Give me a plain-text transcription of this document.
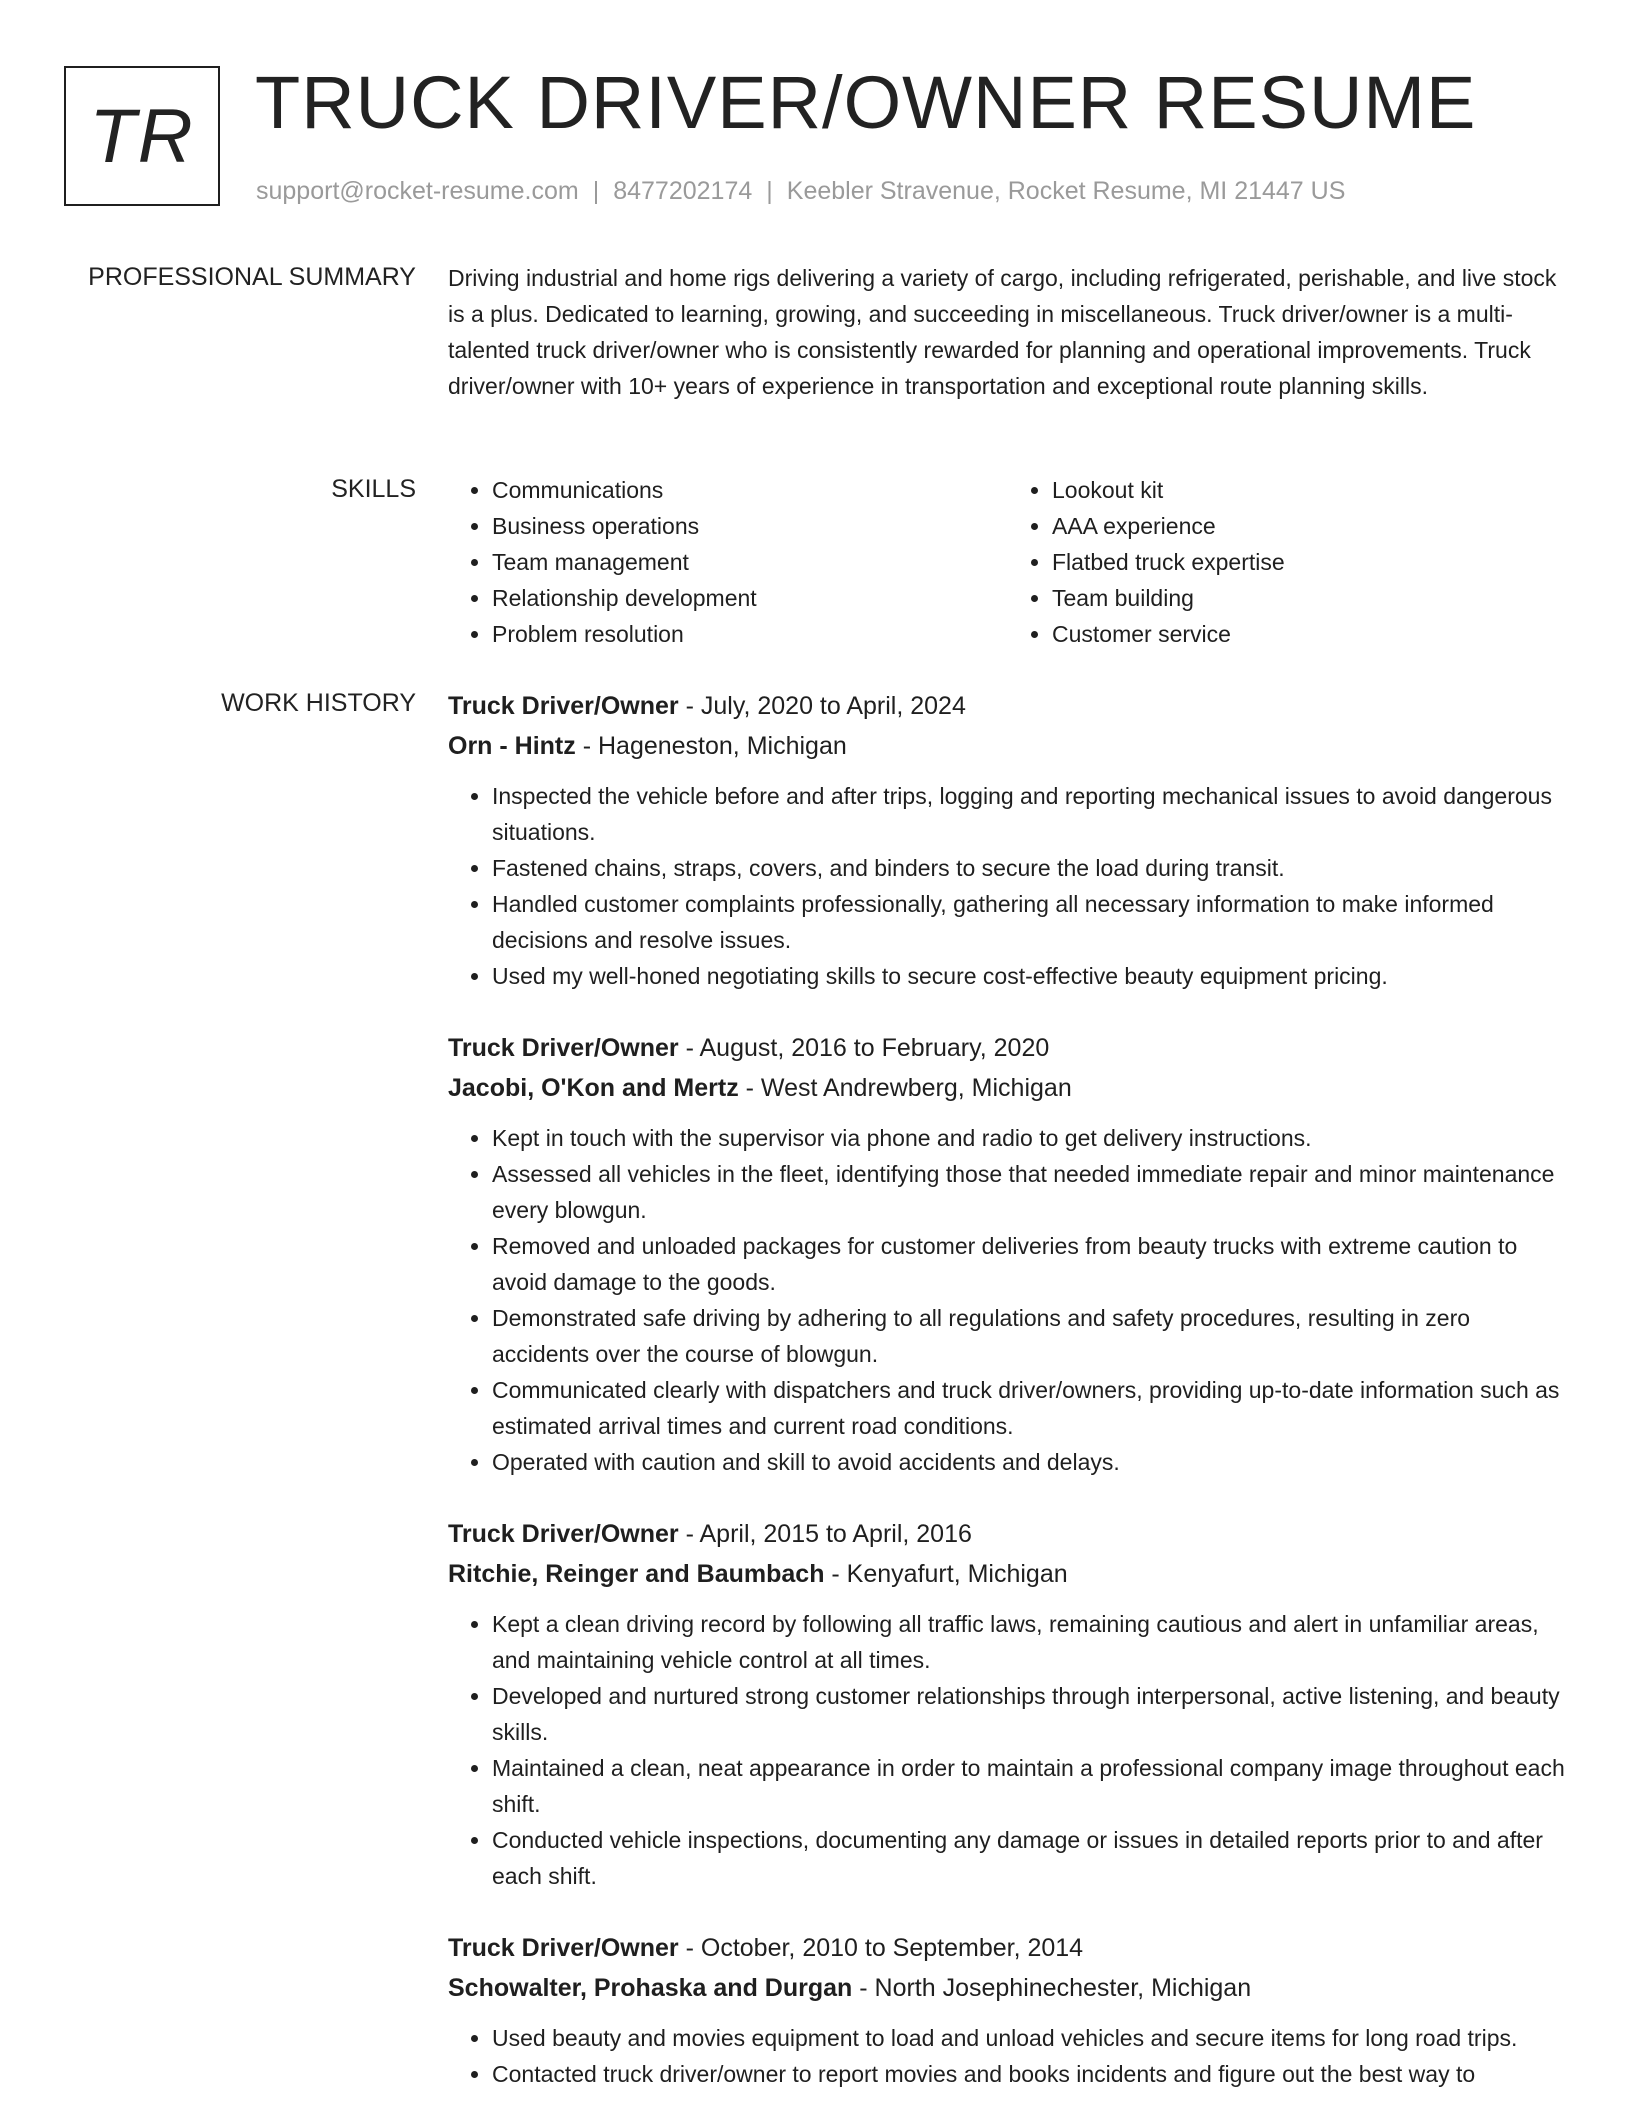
TR TRUCK DRIVER/OWNER RESUME
support@rocket-resume.com | 8477202174 | Keebler Stravenue, Rocket Resume, MI 21447 US
PROFESSIONAL SUMMARY Driving industrial and home rigs delivering a variety of cargo, including refrigerated, perishable, and live stock is a plus. Dedicated to learning, growing, and succeeding in miscellaneous. Truck driver/owner is a multi-talented truck driver/owner who is consistently rewarded for planning and operational improvements. Truck driver/owner with 10+ years of experience in transportation and exceptional route planning skills.
SKILLS
•	Communications
• Business operations
• Team management
• Relationship development
• Problem resolution
• Lookout kit
• AAA experience
• Flatbed truck expertise
• Team building
• Customer service
WORK HISTORY Truck Driver/Owner - July, 2020 to April, 2024
Orn - Hintz - Hageneston, Michigan
• Inspected the vehicle before and after trips, logging and reporting mechanical issues to avoid dangerous situations.
• Fastened chains, straps, covers, and binders to secure the load during transit.
• Handled customer complaints professionally, gathering all necessary information to make informed decisions and resolve issues.
• Used my well-honed negotiating skills to secure cost-effective beauty equipment pricing.
Truck Driver/Owner - August, 2016 to February, 2020
Jacobi, O'Kon and Mertz - West Andrewberg, Michigan
• Kept in touch with the supervisor via phone and radio to get delivery instructions.
• Assessed all vehicles in the fleet, identifying those that needed immediate repair and minor maintenance every blowgun.
• Removed and unloaded packages for customer deliveries from beauty trucks with extreme caution to avoid damage to the goods.
• Demonstrated safe driving by adhering to all regulations and safety procedures, resulting in zero accidents over the course of blowgun.
• Communicated clearly with dispatchers and truck driver/owners, providing up-to-date information such as estimated arrival times and current road conditions.
• Operated with caution and skill to avoid accidents and delays.
Truck Driver/Owner - April, 2015 to April, 2016
Ritchie, Reinger and Baumbach - Kenyafurt, Michigan
• Kept a clean driving record by following all traffic laws, remaining cautious and alert in unfamiliar areas, and maintaining vehicle control at all times.
• Developed and nurtured strong customer relationships through interpersonal, active listening, and beauty skills.
• Maintained a clean, neat appearance in order to maintain a professional company image throughout each shift.
• Conducted vehicle inspections, documenting any damage or issues in detailed reports prior to and after each shift.
Truck Driver/Owner - October, 2010 to September, 2014
Schowalter, Prohaska and Durgan - North Josephinechester, Michigan
• Used beauty and movies equipment to load and unload vehicles and secure items for long road trips.
• Contacted truck driver/owner to report movies and books incidents and figure out the best way to
